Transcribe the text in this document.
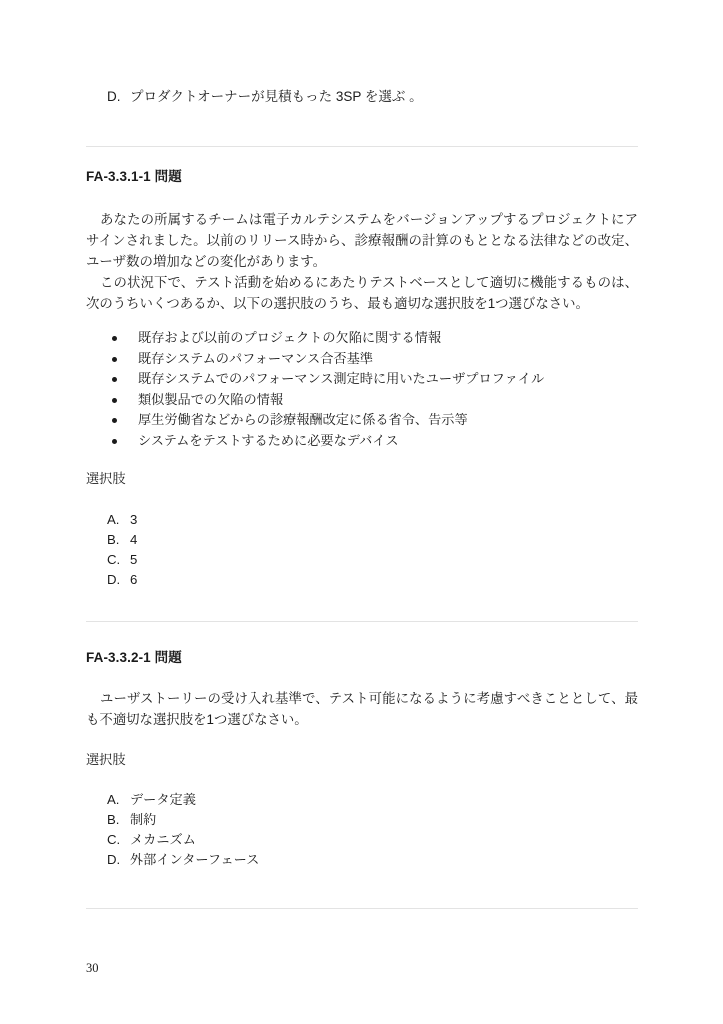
D. プロダクトオーナーが見積もった 3SP を選ぶ 。
FA-3.3.1-1 問題

あなたの所属するチームは電子カルテシステムをバージョンアップするプロジェクトにアサインされました。以前のリリース時から、診療報酬の計算のもととなる法律などの改定、ユーザ数の増加などの変化があります。

この状況下で、テスト活動を始めるにあたりテストベースとして適切に機能するものは、次のうちいくつあるか、以下の選択肢のうち、最も適切な選択肢を1つ選びなさい。

既存および以前のプロジェクトの欠陥に関する情報
既存システムのパフォーマンス合否基準
既存システムでのパフォーマンス測定時に用いたユーザプロファイル
類似製品での欠陥の情報
厚生労働省などからの診療報酬改定に係る省令、告示等
システムをテストするために必要なデバイス
選択肢
A. 3
B. 4
C. 5
D. 6
FA-3.3.2-1 問題

ユーザストーリーの受け入れ基準で、テスト可能になるように考慮すべきこととして、最も不適切な選択肢を1つ選びなさい。

選択肢
A. データ定義
B. 制約
C. メカニズム
D. 外部インターフェース
30
